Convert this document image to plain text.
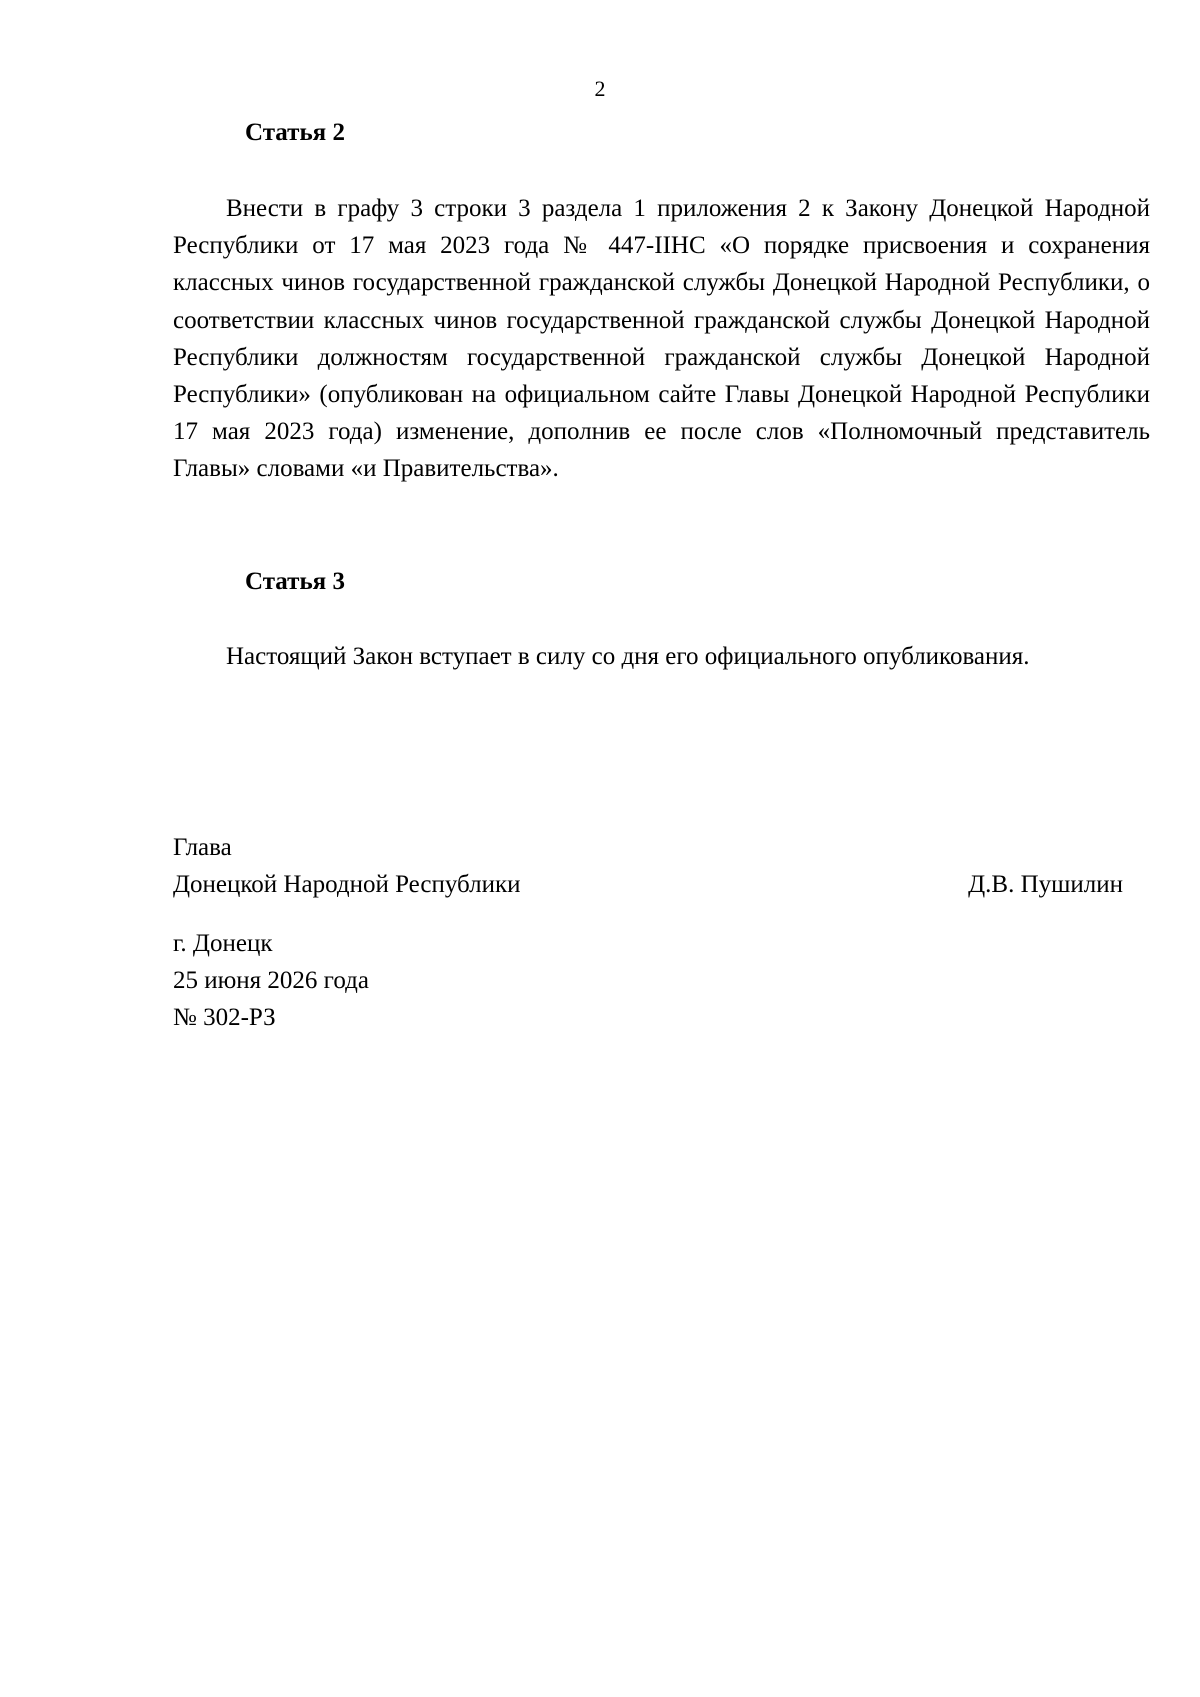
2
Статья 2
Внести в графу 3 строки 3 раздела 1 приложения 2 к Закону Донецкой Народной Республики от 17 мая 2023 года № 447-IIНС «О порядке присвоения и сохранения классных чинов государственной гражданской службы Донецкой Народной Республики, о соответствии классных чинов государственной гражданской службы Донецкой Народной Республики должностям государственной гражданской службы Донецкой Народной Республики» (опубликован на официальном сайте Главы Донецкой Народной Республики 17 мая 2023 года) изменение, дополнив ее после слов «Полномочный представитель Главы» словами «и Правительства».
Статья 3
Настоящий Закон вступает в силу со дня его официального опубликования.
Глава
Донецкой Народной Республики	Д.В. Пушилин
г. Донецк
25 июня 2026 года
№ 302-РЗ
